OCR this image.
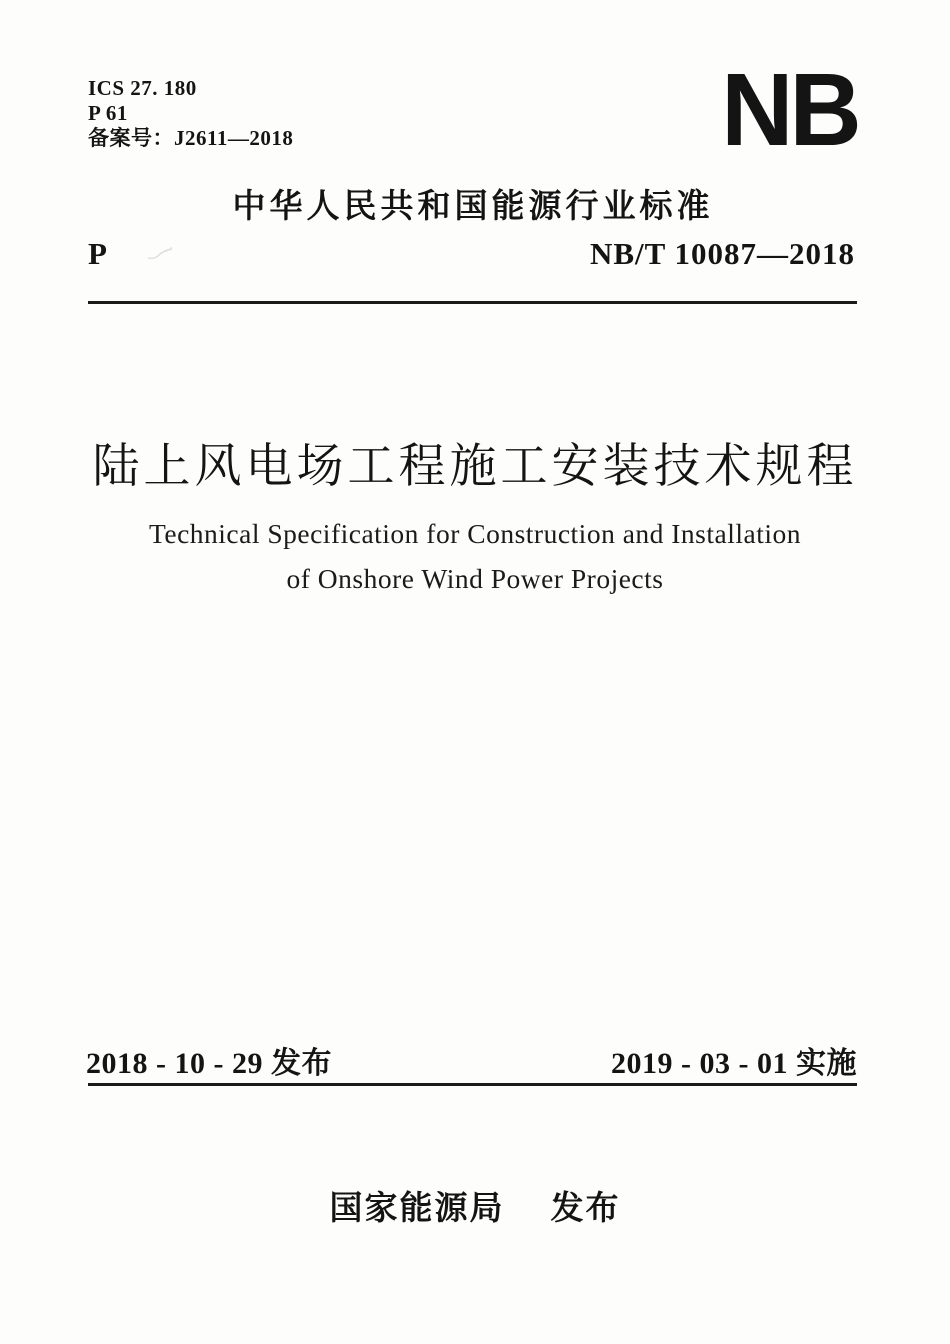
ICS 27. 180
P 61
备案号：J2611—2018	NB
中华人民共和国能源行业标准
P	NB/T 10087—2018
陆上风电场工程施工安装技术规程
Technical Specification for Construction and Installation
of Onshore Wind Power Projects
2018 - 10 - 29 发布	2019 - 03 - 01 实施
国家能源局 发布
